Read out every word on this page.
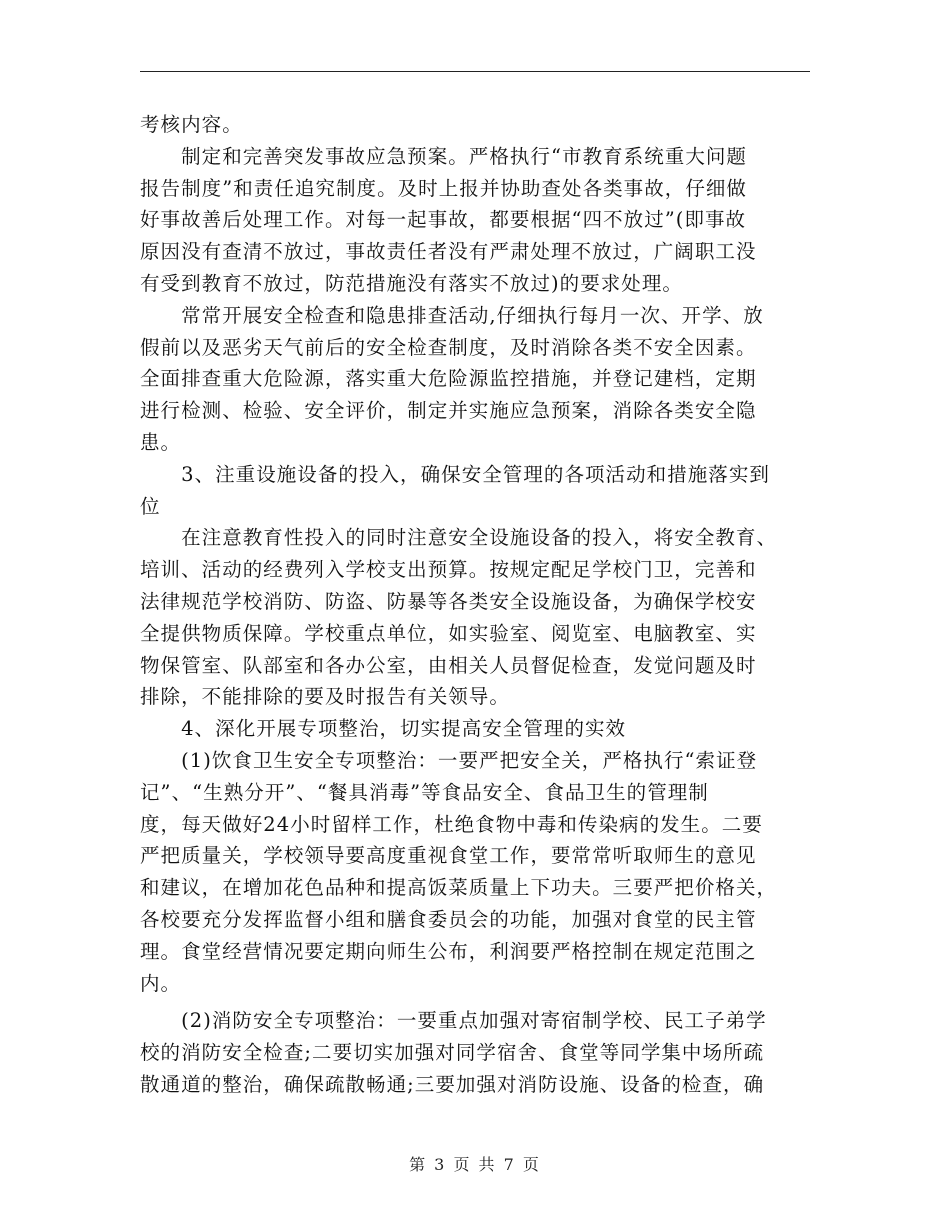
考核内容。
　　制定和完善突发事故应急预案。严格执行“市教育系统重大问题
报告制度”和责任追究制度。及时上报并协助查处各类事故，仔细做
好事故善后处理工作。对每一起事故，都要根据“四不放过”(即事故
原因没有查清不放过，事故责任者没有严肃处理不放过，广阔职工没
有受到教育不放过，防范措施没有落实不放过)的要求处理。
　　常常开展安全检查和隐患排查活动,仔细执行每月一次、开学、放
假前以及恶劣天气前后的安全检查制度，及时消除各类不安全因素。
全面排查重大危险源，落实重大危险源监控措施，并登记建档，定期
进行检测、检验、安全评价，制定并实施应急预案，消除各类安全隐
患。
　　3、注重设施设备的投入，确保安全管理的各项活动和措施落实到
位
　　在注意教育性投入的同时注意安全设施设备的投入，将安全教育、
培训、活动的经费列入学校支出预算。按规定配足学校门卫，完善和
法律规范学校消防、防盗、防暴等各类安全设施设备，为确保学校安
全提供物质保障。学校重点单位，如实验室、阅览室、电脑教室、实
物保管室、队部室和各办公室，由相关人员督促检查，发觉问题及时
排除，不能排除的要及时报告有关领导。
　　4、深化开展专项整治，切实提高安全管理的实效
　　(1)饮食卫生安全专项整治：一要严把安全关，严格执行“索证登
记”、“生熟分开”、“餐具消毒”等食品安全、食品卫生的管理制
度，每天做好24小时留样工作，杜绝食物中毒和传染病的发生。二要
严把质量关，学校领导要高度重视食堂工作，要常常听取师生的意见
和建议，在增加花色品种和提高饭菜质量上下功夫。三要严把价格关，
各校要充分发挥监督小组和膳食委员会的功能，加强对食堂的民主管
理。食堂经营情况要定期向师生公布，利润要严格控制在规定范围之
内。
　　(2)消防安全专项整治：一要重点加强对寄宿制学校、民工子弟学
校的消防安全检查;二要切实加强对同学宿舍、食堂等同学集中场所疏
散通道的整治，确保疏散畅通;三要加强对消防设施、设备的检查，确
第 3 页 共 7 页
